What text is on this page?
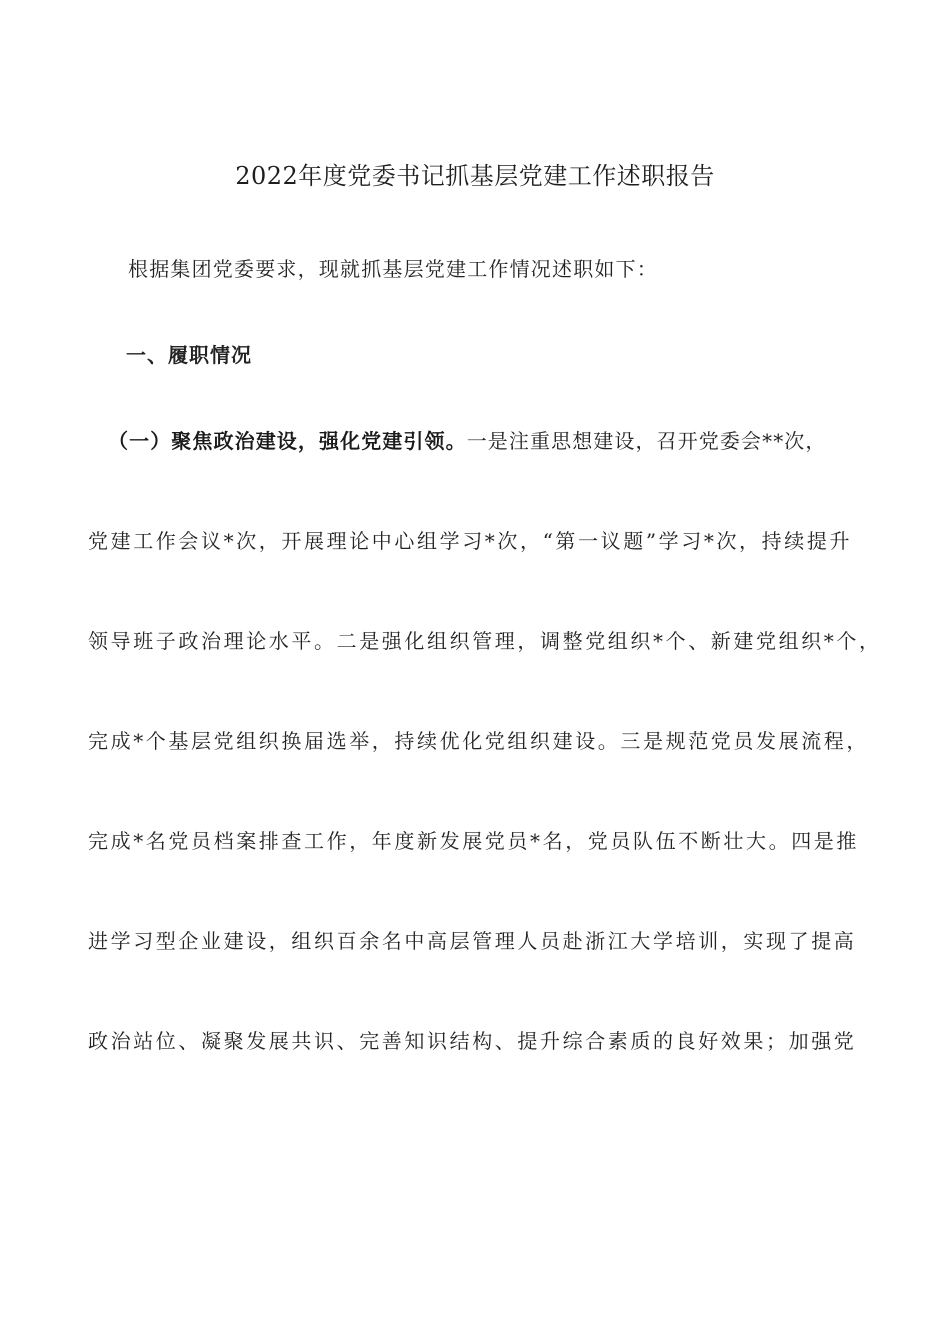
2022年度党委书记抓基层党建工作述职报告
根据集团党委要求，现就抓基层党建工作情况述职如下：
一、履职情况
（一）聚焦政治建设，强化党建引领。一是注重思想建设，召开党委会**次，
党建工作会议*次，开展理论中心组学习*次，“第一议题”学习*次，持续提升
领导班子政治理论水平。二是强化组织管理，调整党组织*个、新建党组织*个，
完成*个基层党组织换届选举，持续优化党组织建设。三是规范党员发展流程，
完成*名党员档案排查工作，年度新发展党员*名，党员队伍不断壮大。四是推
进学习型企业建设，组织百余名中高层管理人员赴浙江大学培训，实现了提高
政治站位、凝聚发展共识、完善知识结构、提升综合素质的良好效果；加强党
